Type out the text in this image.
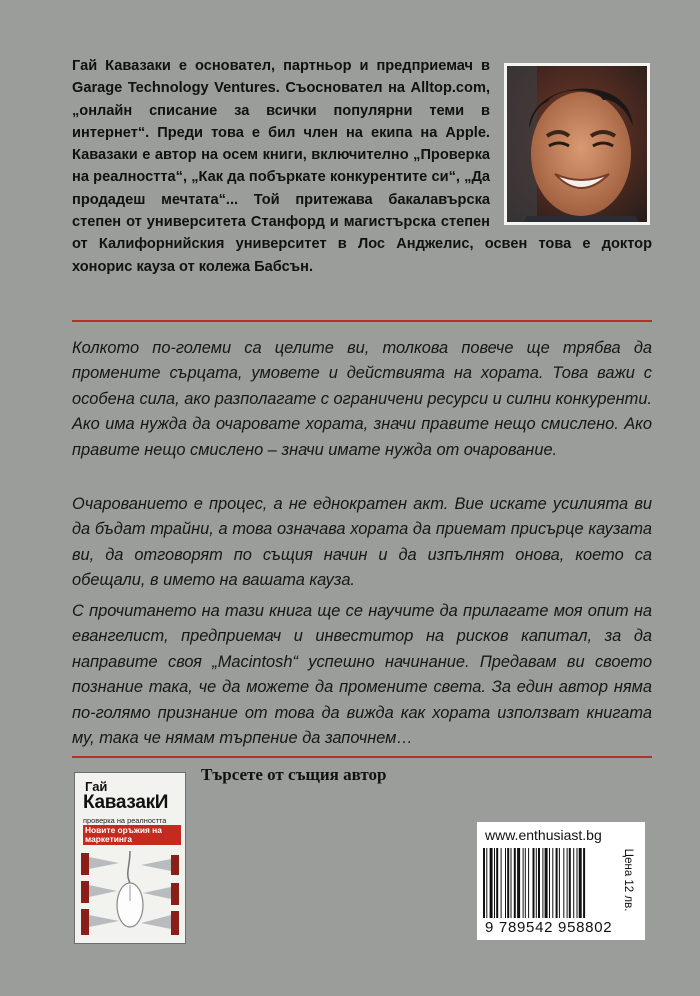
Гай Кавазаки е основател, партньор и предприемач в Garage Technology Ventures. Съосновател на Alltop.com, „онлайн списание за всички популярни теми в интернет“. Преди това е бил член на екипа на Apple. Кавазаки е автор на осем книги, включително „Проверка на реалността“, „Как да побъркате конкурентите си“, „Да продадеш мечтата“... Той притежава бакалавърска степен от университета Станфорд и магистърска степен от Калифорнийския университет в Лос Анджелис, освен това е доктор хонорис кауза от колежа Бабсън.

Колкото по-големи са целите ви, толкова повече ще трябва да промените сърцата, умовете и действията на хората. Това важи с особена сила, ако разполагате с ограничени ресурси и силни конкуренти. Ако има нужда да очаровате хората, значи правите нещо смислено. Ако правите нещо смислено – значи имате нужда от очарование.

Очарованието е процес, а не еднократен акт. Вие искате усилията ви да бъдат трайни, а това означава хората да приемат присърце каузата ви, да отговорят по същия начин и да изпълнят онова, което са обещали, в името на вашата кауза.

С прочитането на тази книга ще се научите да прилагате моя опит на евангелист, предприемач и инвеститор на рисков капитал, за да направите своя „Macintosh“ успешно начинание. Предавам ви своето познание така, че да можете да промените света. За един автор няма по-голямо признание от това да вижда как хората използват книгата му, така че нямам търпение да започнем…

Гай
КавазакИ
проверка на реалността
Новите оръжия на маркетинга
Търсете от същия автор
www.enthusiast.bg
9 789542 958802
Цена 12 лв.
